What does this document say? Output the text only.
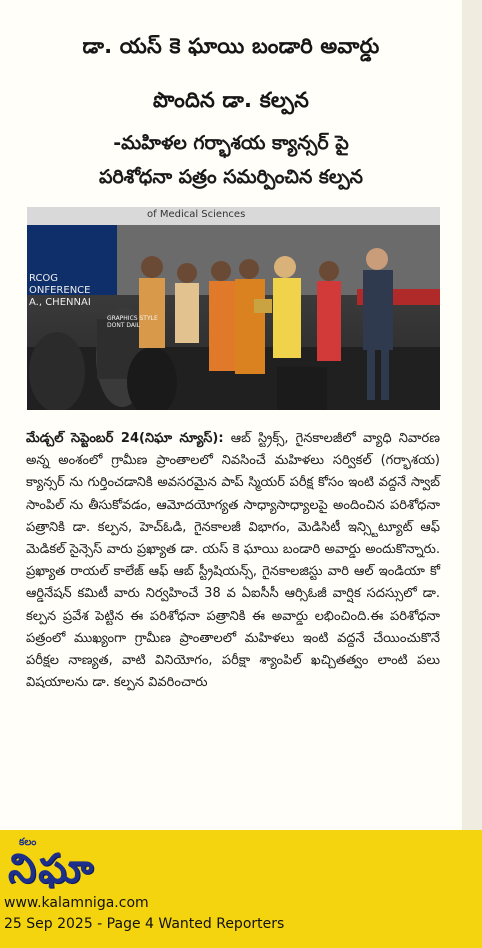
డా. యస్ కె ఘాయి బండారి అవార్డు
పొందిన డా. కల్పన
-మహిళల గర్భాశయ క్యాన్సర్ పై
పరిశోధనా పత్రం సమర్పించిన కల్పన
of Medical Sciences
RCOG
ONFERENCE
A., CHENNAI
GRAPHICS STYLE
DONT DAIL
మేడ్చల్ సెప్టెంబర్ 24(నిఘా న్యూస్): ఆబ్ స్ట్రిక్స్, గైనకాలజీలో వ్యాధి నివారణ అన్న అంశంలో గ్రామీణ ప్రాంతాలలో నివసించే మహిళలు సర్వికల్ (గర్భాశయ) క్యాన్సర్ ను గుర్తించడానికి అవసరమైన పాప్ స్మియర్ పరీక్ష కోసం ఇంటి వద్దనే స్వాబ్ సాంపిల్ ను తీసుకోవడం, ఆమోదయోగ్యత సాధ్యాసాధ్యాలపై అందించిన పరిశోధనా పత్రానికి డా. కల్పన, హెచ్ఓడి, గైనకాలజీ విభాగం, మెడిసిటీ ఇన్స్టిట్యూట్ ఆఫ్ మెడికల్ సైన్సెస్ వారు ప్రఖ్యాత డా. యస్ కె ఘాయి బండారి అవార్డు అందుకొన్నారు. ప్రఖ్యాత రాయల్ కాలేజ్ ఆఫ్ ఆబ్ స్ట్రీషియన్స్, గైనకాలజిస్టు వారి ఆల్ ఇండియా కో ఆర్డినేషన్ కమిటీ వారు నిర్వహించే 38 వ ఏఐసీసీ ఆర్సిఓజీ వార్షిక సదస్సులో డా. కల్పన ప్రవేశ పెట్టిన ఈ పరిశోధనా పత్రానికి ఈ అవార్డు లభించింది.ఈ పరిశోధనా పత్రంలో ముఖ్యంగా గ్రామీణ ప్రాంతాలలో మహిళలు ఇంటి వద్దనే చేయించుకొనే పరీక్షల నాణ్యత, వాటి వినియోగం, పరీక్షా శ్యాంపిల్ ఖచ్చితత్వం లాంటి పలు విషయాలను డా. కల్పన వివరించారు
కలం
నిఘా
www.kalamniga.com
25 Sep 2025 - Page 4 Wanted Reporters
